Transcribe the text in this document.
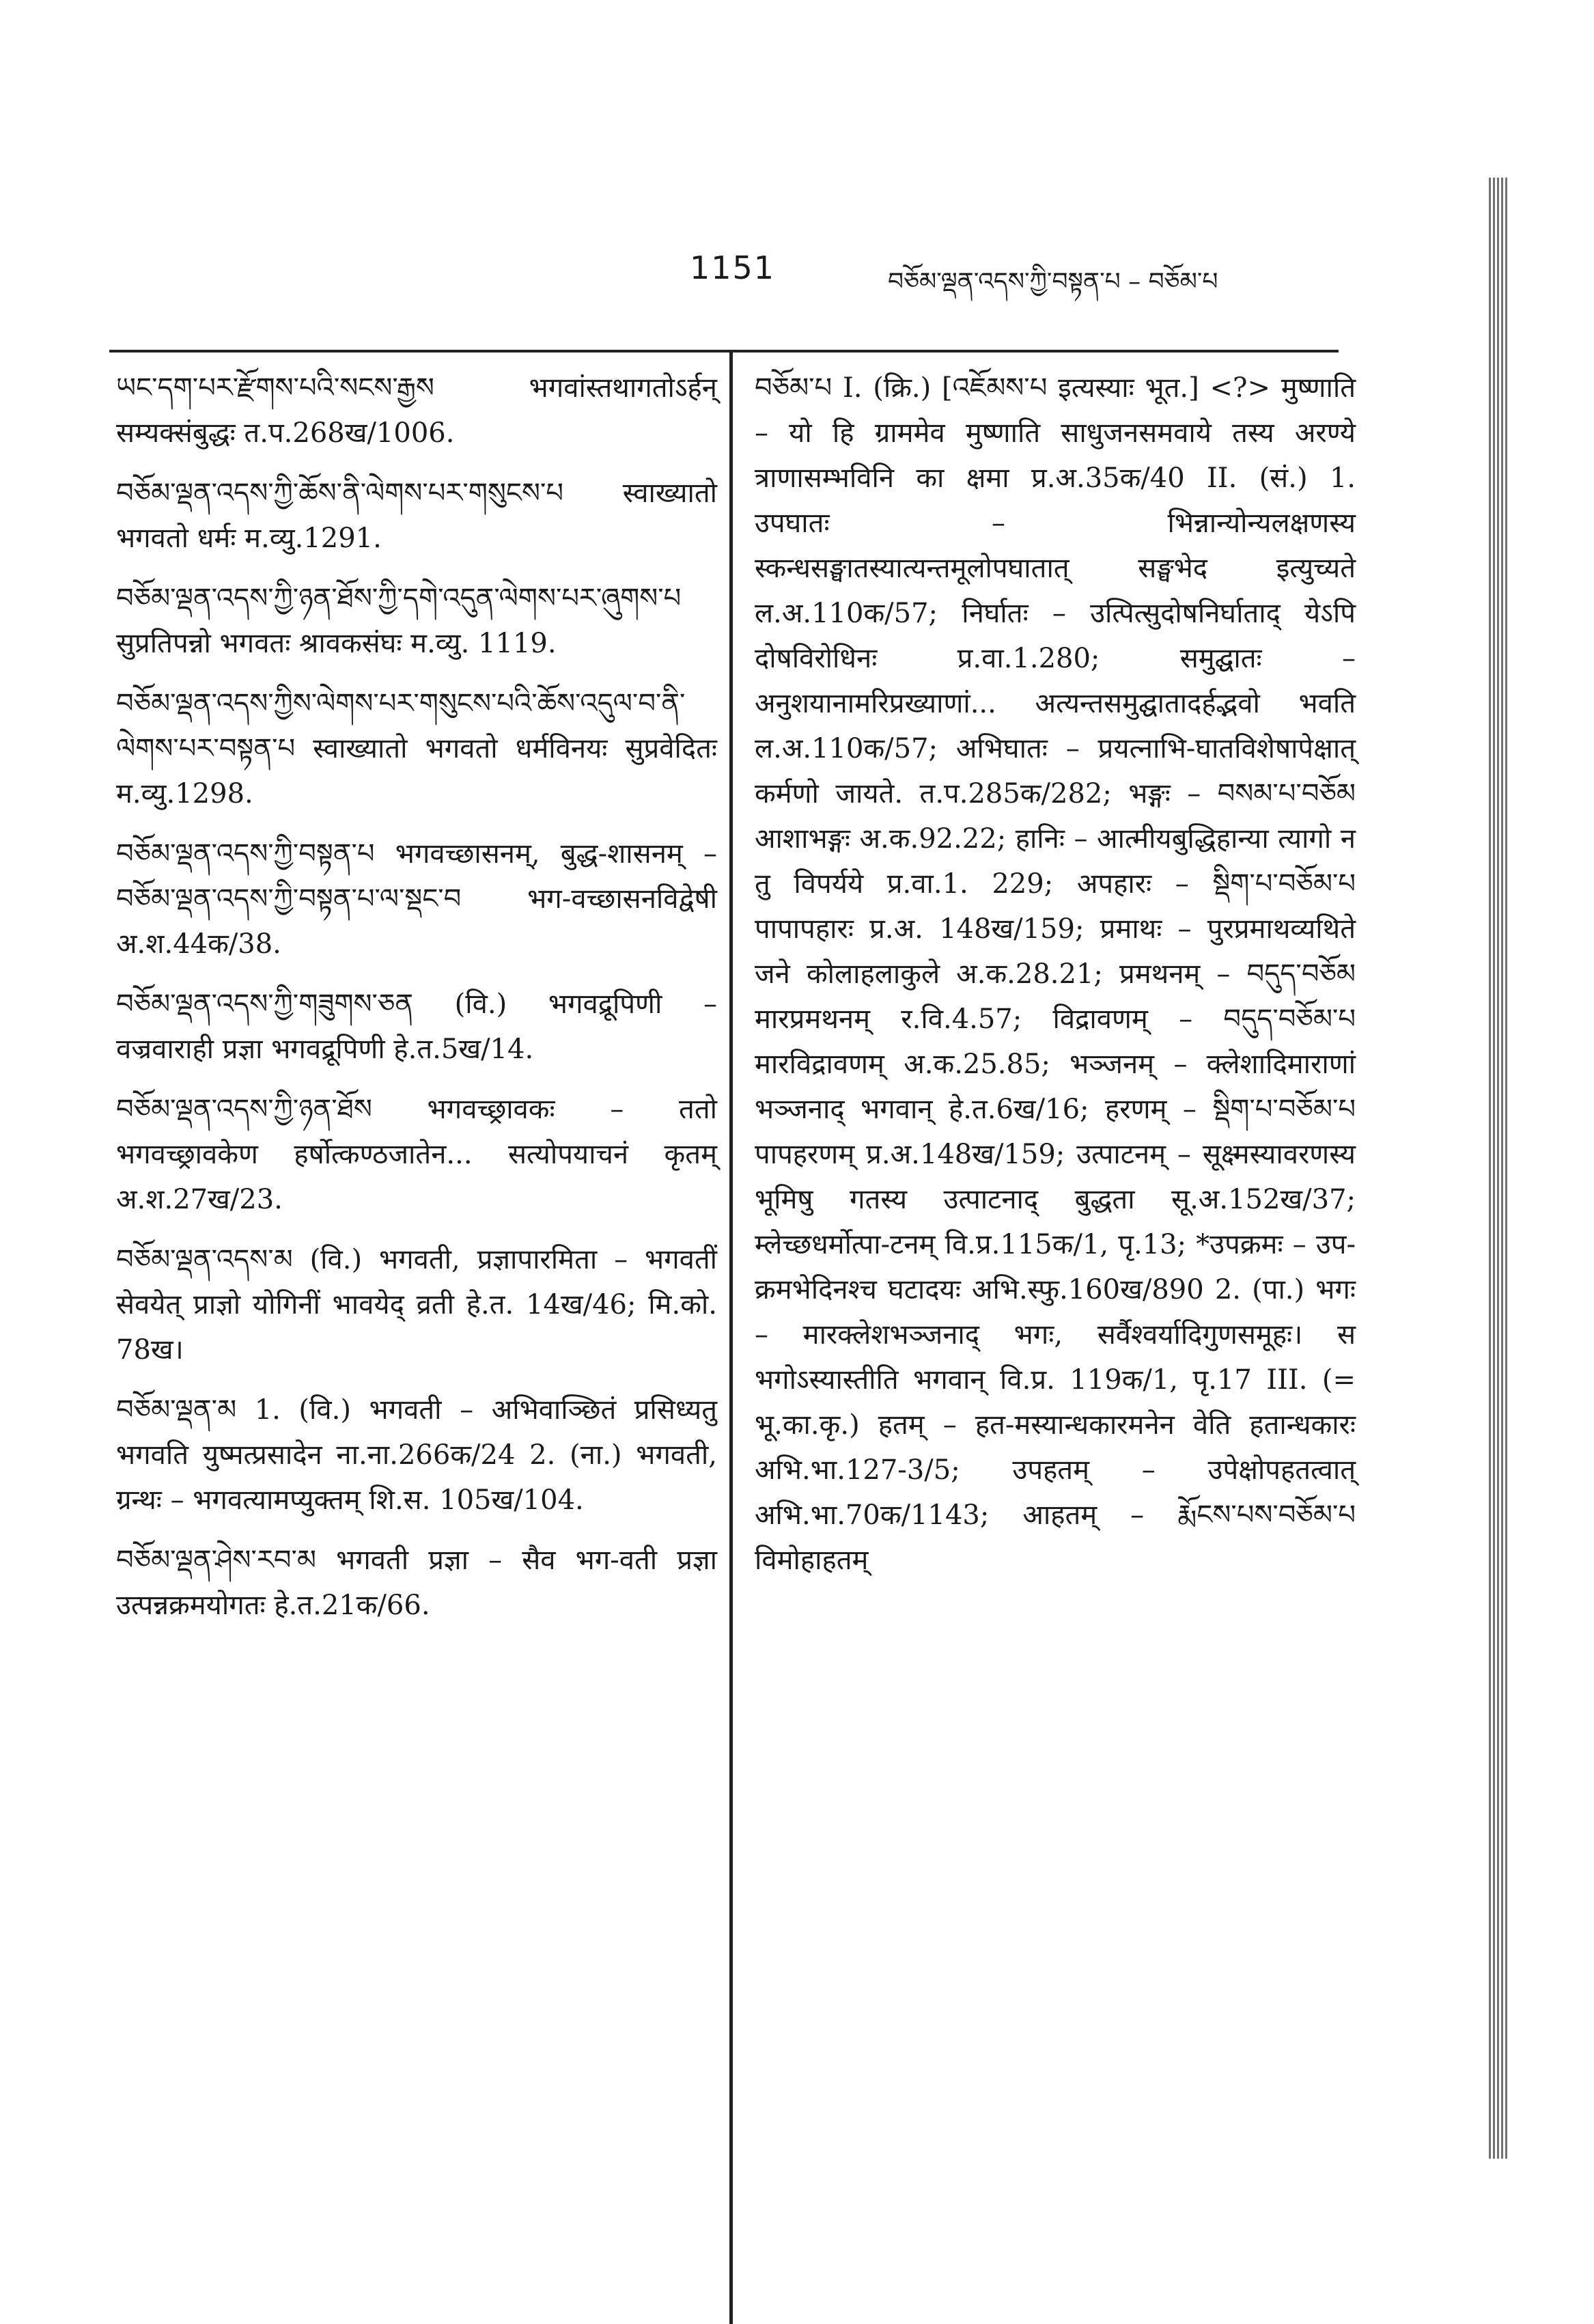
1151	བཅོམ་ལྡན་འདས་ཀྱི་བསྟན་པ – བཅོམ་པ

ཡང་དག་པར་རྫོགས་པའི་སངས་རྒྱས भगवांस्तथागतोऽर्हन् सम्यक्संबुद्धः त.प.268ख/1006.

བཅོམ་ལྡན་འདས་ཀྱི་ཆོས་ནི་ལེགས་པར་གསུངས་པ स्वाख्यातो भगवतो धर्मः म.व्यु.1291.

བཅོམ་ལྡན་འདས་ཀྱི་ཉན་ཐོས་ཀྱི་དགེ་འདུན་ལེགས་པར་ཞུགས་པ सुप्रतिपन्नो भगवतः श्रावकसंघः म.व्यु. 1119.

བཅོམ་ལྡན་འདས་ཀྱིས་ལེགས་པར་གསུངས་པའི་ཆོས་འདུལ་བ་ནི་ལེགས་པར་བསྟན་པ स्वाख्यातो भगवतो धर्मविनयः सुप्रवेदितः म.व्यु.1298.

བཅོམ་ལྡན་འདས་ཀྱི་བསྟན་པ भगवच्छासनम्, बुद्ध-शासनम् – བཅོམ་ལྡན་འདས་ཀྱི་བསྟན་པ་ལ་སྡང་བ भग-वच्छासनविद्वेषी अ.श.44क/38.

བཅོམ་ལྡན་འདས་ཀྱི་གཟུགས་ཅན (वि.) भगवद्रूपिणी – वज्रवाराही प्रज्ञा भगवद्रूपिणी हे.त.5ख/14.

བཅོམ་ལྡན་འདས་ཀྱི་ཉན་ཐོས भगवच्छ्रावकः – ततो भगवच्छ्रावकेण हर्षोत्कण्ठजातेन... सत्योपयाचनं कृतम् अ.श.27ख/23.

བཅོམ་ལྡན་འདས་མ (वि.) भगवती, प्रज्ञापारमिता – भगवतीं सेवयेत् प्राज्ञो योगिनीं भावयेद् व्रती हे.त. 14ख/46; मि.को. 78ख।

བཅོམ་ལྡན་མ 1. (वि.) भगवती – अभिवाञ्छितं प्रसिध्यतु भगवति युष्मत्प्रसादेन ना.ना.266क/24 2. (ना.) भगवती, ग्रन्थः – भगवत्यामप्युक्तम् शि.स. 105ख/104.

བཅོམ་ལྡན་ཤེས་རབ་མ भगवती प्रज्ञा – सैव भग-वती प्रज्ञा उत्पन्नक्रमयोगतः हे.त.21क/66.

བཅོམ་པ I. (क्रि.) [འཇོམས་པ इत्यस्याः भूत.] <?> मुष्णाति – यो हि ग्राममेव मुष्णाति साधुजनसमवाये तस्य अरण्ये त्राणासम्भविनि का क्षमा प्र.अ.35क/40 II. (सं.) 1. उपघातः – भिन्नान्योन्यलक्षणस्य स्कन्धसङ्घातस्यात्यन्तमूलोपघातात् सङ्घभेद इत्युच्यते ल.अ.110क/57; निर्घातः – उत्पित्सुदोषनिर्घाताद् येऽपि दोषविरोधिनः प्र.वा.1.280; समुद्घातः – अनुशयानामरिप्रख्याणां... अत्यन्तसमुद्घातादर्हद्भवो भवति ल.अ.110क/57; अभिघातः – प्रयत्नाभि-घातविशेषापेक्षात् कर्मणो जायते. त.प.285क/282; भङ्गः – བསམ་པ་བཅོམ आशाभङ्गः अ.क.92.22; हानिः – आत्मीयबुद्धिहान्या त्यागो न तु विपर्यये प्र.वा.1. 229; अपहारः – སྡིག་པ་བཅོམ་པ पापापहारः प्र.अ. 148ख/159; प्रमाथः – पुरप्रमाथव्यथिते जने कोलाहलाकुले अ.क.28.21; प्रमथनम् – བདུད་བཅོམ मारप्रमथनम् र.वि.4.57; विद्रावणम् – བདུད་བཅོམ་པ मारविद्रावणम् अ.क.25.85; भञ्जनम् – क्लेशादिमाराणां भञ्जनाद् भगवान् हे.त.6ख/16; हरणम् – སྡིག་པ་བཅོམ་པ पापहरणम् प्र.अ.148ख/159; उत्पाटनम् – सूक्ष्मस्यावरणस्य भूमिषु गतस्य उत्पाटनाद् बुद्धता सू.अ.152ख/37; म्लेच्छधर्मोत्पा-टनम् वि.प्र.115क/1, पृ.13; *उपक्रमः – उप-क्रमभेदिनश्च घटादयः अभि.स्फु.160ख/890 2. (पा.) भगः – मारक्लेशभञ्जनाद् भगः, सर्वैश्वर्यादिगुणसमूहः। स भगोऽस्यास्तीति भगवान् वि.प्र. 119क/1, पृ.17 III. (= भू.का.कृ.) हतम् – हत-मस्यान्धकारमनेन वेति हतान्धकारः अभि.भा.127-3/5; उपहतम् – उपेक्षोपहतत्वात् अभि.भा.70क/1143; आहतम् – རྨོངས་པས་བཅོམ་པ विमोहाहतम्
